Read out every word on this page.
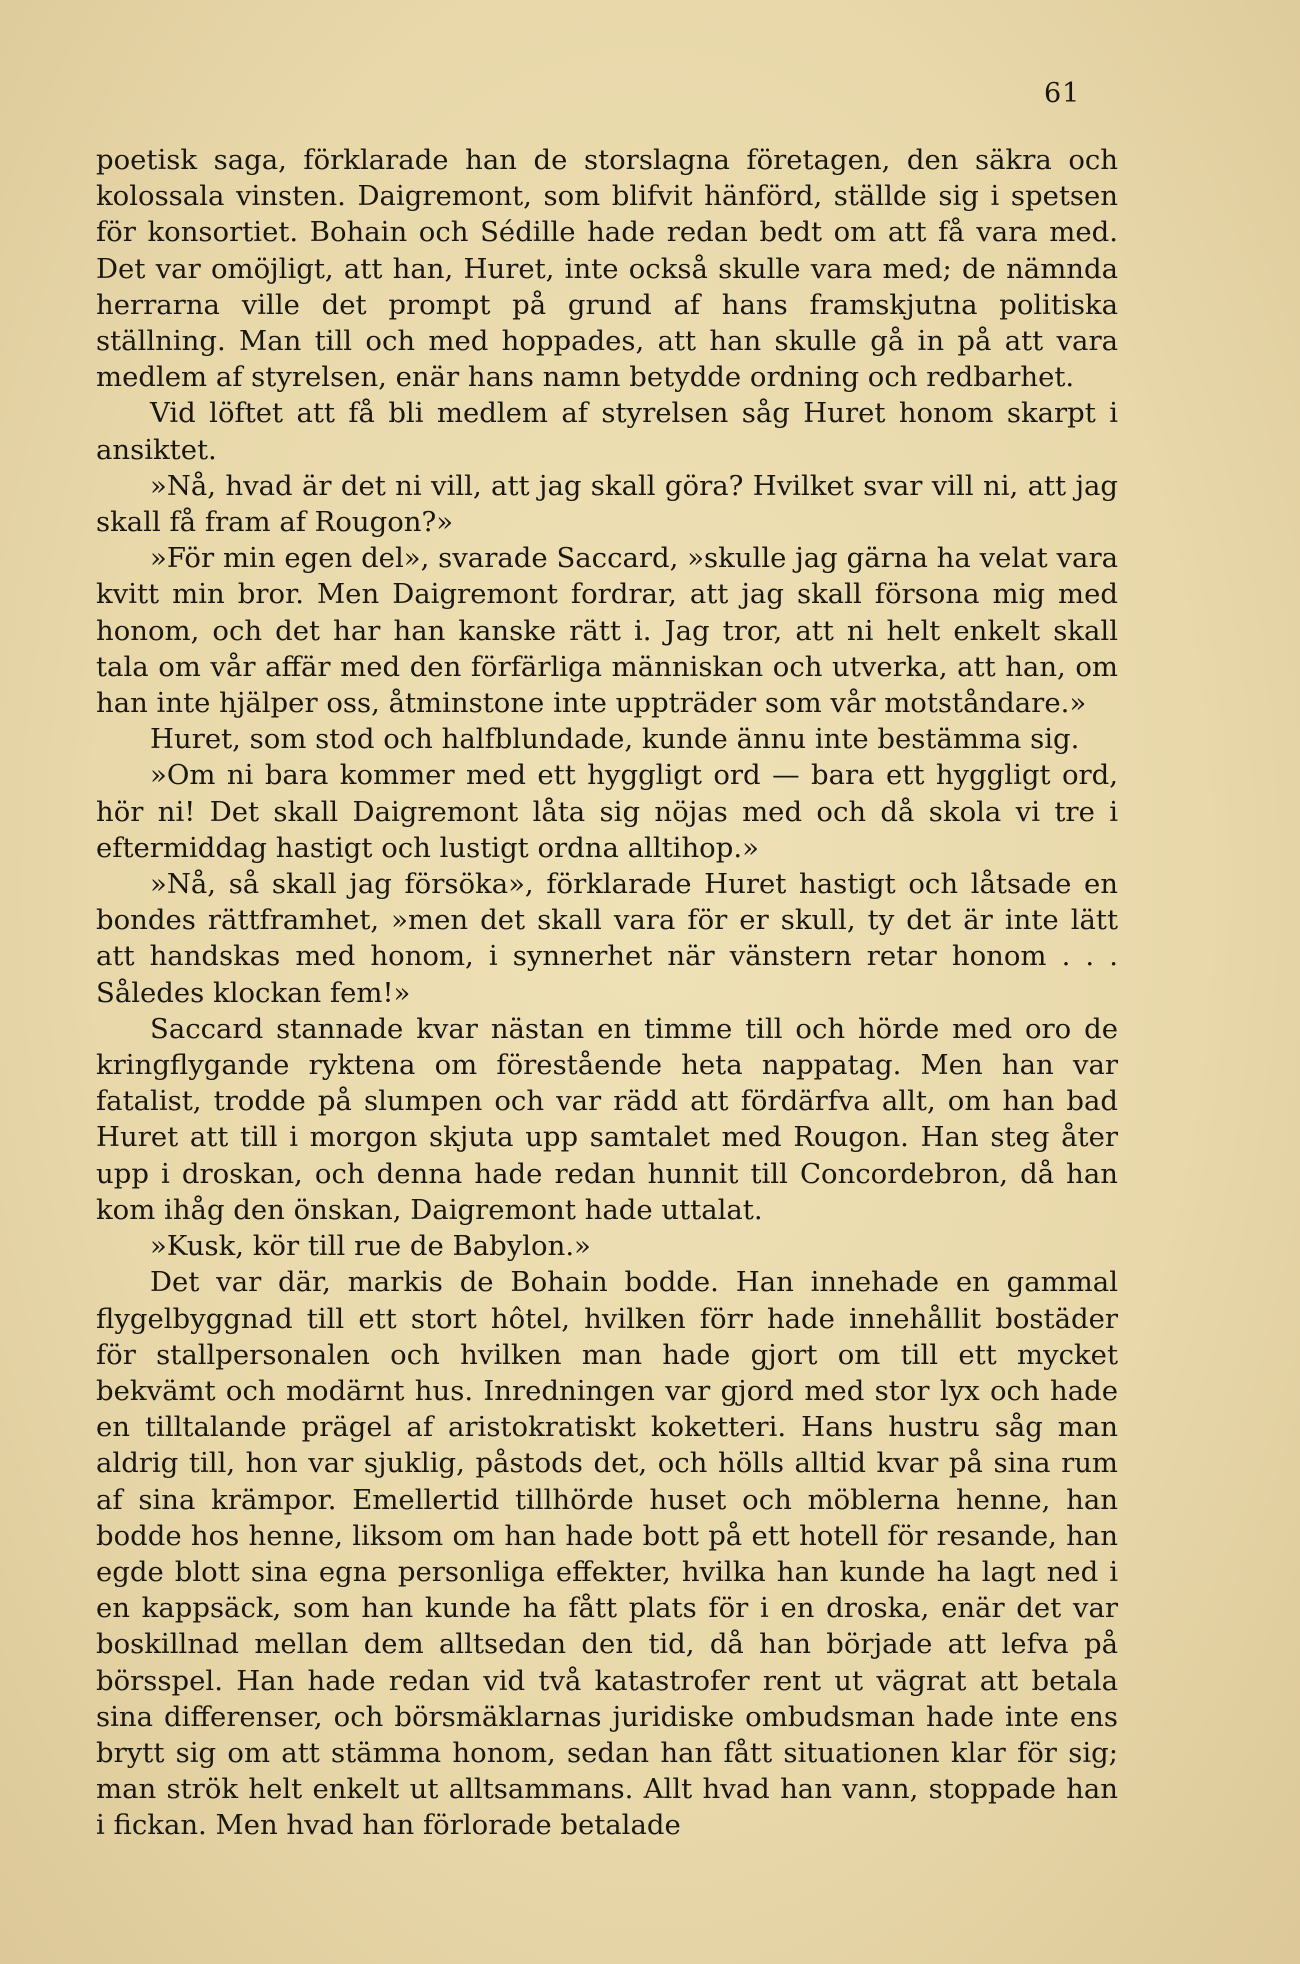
61

poetisk saga, förklarade han de storslagna företagen, den säkra och kolossala vinsten. Daigremont, som blifvit hänförd, ställde sig i spetsen för konsortiet. Bohain och Sédille hade redan bedt om att få vara med. Det var omöjligt, att han, Huret, inte också skulle vara med; de nämnda herrarna ville det prompt på grund af hans framskjutna politiska ställning. Man till och med hoppades, att han skulle gå in på att vara medlem af styrelsen, enär hans namn betydde ordning och redbarhet.

Vid löftet att få bli medlem af styrelsen såg Huret honom skarpt i ansiktet.

»Nå, hvad är det ni vill, att jag skall göra? Hvilket svar vill ni, att jag skall få fram af Rougon?»

»För min egen del», svarade Saccard, »skulle jag gärna ha velat vara kvitt min bror. Men Daigremont fordrar, att jag skall försona mig med honom, och det har han kanske rätt i. Jag tror, att ni helt enkelt skall tala om vår affär med den förfärliga människan och utverka, att han, om han inte hjälper oss, åtminstone inte uppträder som vår motståndare.»

Huret, som stod och halfblundade, kunde ännu inte bestämma sig.

»Om ni bara kommer med ett hyggligt ord — bara ett hyggligt ord, hör ni! Det skall Daigremont låta sig nöjas med och då skola vi tre i eftermiddag hastigt och lustigt ordna alltihop.»

»Nå, så skall jag försöka», förklarade Huret hastigt och låtsade en bondes rättframhet, »men det skall vara för er skull, ty det är inte lätt att handskas med honom, i synnerhet när vänstern retar honom . . . Således klockan fem!»

Saccard stannade kvar nästan en timme till och hörde med oro de kringflygande ryktena om förestående heta nappatag. Men han var fatalist, trodde på slumpen och var rädd att fördärfva allt, om han bad Huret att till i morgon skjuta upp samtalet med Rougon. Han steg åter upp i droskan, och denna hade redan hunnit till Concordebron, då han kom ihåg den önskan, Daigremont hade uttalat.

»Kusk, kör till rue de Babylon.»

Det var där, markis de Bohain bodde. Han innehade en gammal flygelbyggnad till ett stort hôtel, hvilken förr hade innehållit bostäder för stallpersonalen och hvilken man hade gjort om till ett mycket bekvämt och modärnt hus. Inredningen var gjord med stor lyx och hade en tilltalande prägel af aristokratiskt koketteri. Hans hustru såg man aldrig till, hon var sjuklig, påstods det, och hölls alltid kvar på sina rum af sina krämpor. Emellertid tillhörde huset och möblerna henne, han bodde hos henne, liksom om han hade bott på ett hotell för resande, han egde blott sina egna personliga effekter, hvilka han kunde ha lagt ned i en kappsäck, som han kunde ha fått plats för i en droska, enär det var boskillnad mellan dem alltsedan den tid, då han började att lefva på börsspel. Han hade redan vid två katastrofer rent ut vägrat att betala sina differenser, och börsmäklarnas juridiske ombudsman hade inte ens brytt sig om att stämma honom, sedan han fått situationen klar för sig; man strök helt enkelt ut alltsammans. Allt hvad han vann, stoppade han i fickan. Men hvad han förlorade betalade
